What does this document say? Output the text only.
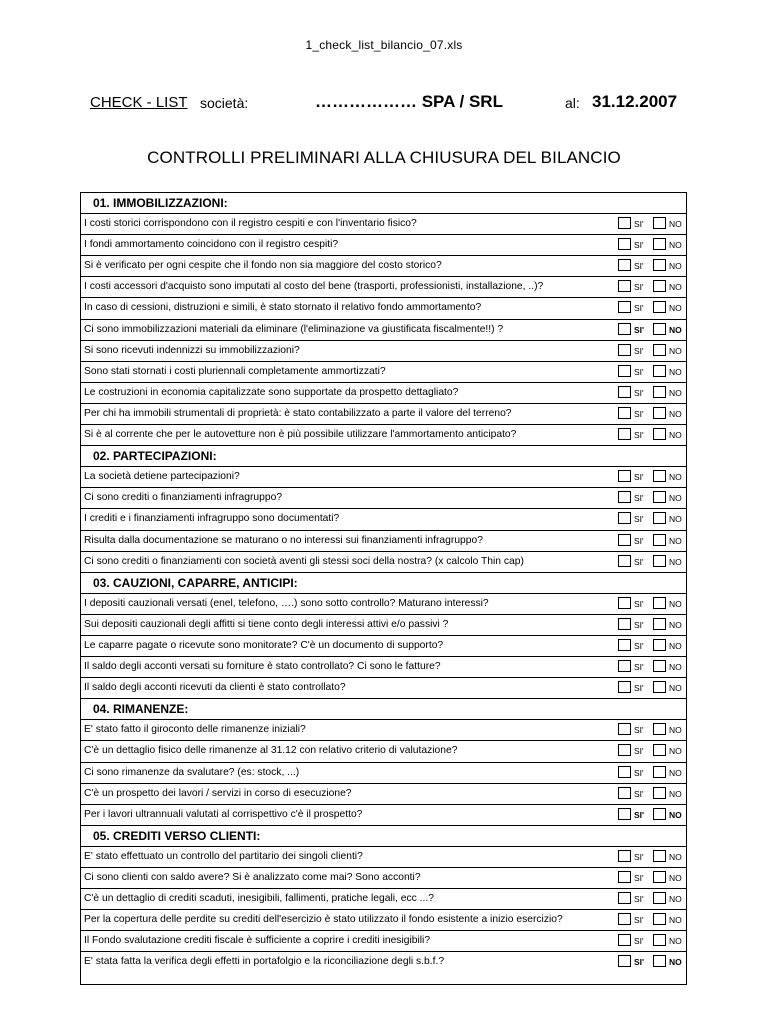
1_check_list_bilancio_07.xls
CHECK - LIST società:	……………… SPA / SRL	al: 31.12.2007
CONTROLLI PRELIMINARI ALLA CHIUSURA DEL BILANCIO
01. IMMOBILIZZAZIONI:
I costi storici corrispondono con il registro cespiti e con l'inventario fisico?	SI'	NO
I fondi ammortamento coincidono con il registro cespiti?	SI'	NO
Si è verificato per ogni cespite che il fondo non sia maggiore del costo storico?	SI'	NO
I costi accessori d'acquisto sono imputati al costo del bene (trasporti, professionisti, installazione, ..)?	SI'	NO
In caso di cessioni, distruzioni e simili, è stato stornato il relativo fondo ammortamento?	SI'	NO
Ci sono immobilizzazioni materiali da eliminare (l'eliminazione va giustificata fiscalmente!!) ?	SI'	NO
Si sono ricevuti indennizzi su immobilizzazioni?	SI'	NO
Sono stati stornati i costi pluriennali completamente ammortizzati?	SI'	NO
Le costruzioni in economia capitalizzate sono supportate da prospetto dettagliato?	SI'	NO
Per chi ha immobili strumentali di proprietà: è stato contabilizzato a parte il valore del terreno?	SI'	NO
Si è al corrente che per le autovetture non è più possibile utilizzare l'ammortamento anticipato?	SI'	NO
02. PARTECIPAZIONI:
La società detiene partecipazioni?	SI'	NO
Ci sono crediti o finanziamenti infragruppo?	SI'	NO
I crediti e i finanziamenti infragruppo sono documentati?	SI'	NO
Risulta dalla documentazione se maturano o no interessi sui finanziamenti infragruppo?	SI'	NO
Ci sono crediti o finanziamenti con società aventi gli stessi soci della nostra? (x calcolo Thin cap)	SI'	NO
03. CAUZIONI, CAPARRE, ANTICIPI:
I depositi cauzionali versati (enel, telefono, ….) sono sotto controllo? Maturano interessi?	SI'	NO
Sui depositi cauzionali degli affitti si tiene conto degli interessi attivi e/o passivi ?	SI'	NO
Le caparre pagate o ricevute sono monitorate? C'è un documento di supporto?	SI'	NO
Il saldo degli acconti versati su forniture è stato controllato? Ci sono le fatture?	SI'	NO
Il saldo degli acconti ricevuti da clienti è stato controllato?	SI'	NO
04. RIMANENZE:
E' stato fatto il giroconto delle rimanenze iniziali?	SI'	NO
C'è un dettaglio fisico delle rimanenze al 31.12 con relativo criterio di valutazione?	SI'	NO
Ci sono rimanenze da svalutare? (es: stock, ...)	SI'	NO
C'è un prospetto dei lavori / servizi in corso di esecuzione?	SI'	NO
Per i lavori ultrannuali valutati al corrispettivo c'è il prospetto?	SI'	NO
05. CREDITI VERSO CLIENTI:
E' stato effettuato un controllo del partitario dei singoli clienti?	SI'	NO
Ci sono clienti con saldo avere? Si è analizzato come mai? Sono acconti?	SI'	NO
C'è un dettaglio di crediti scaduti, inesigibili, fallimenti, pratiche legali, ecc ...?	SI'	NO
Per la copertura delle perdite su crediti dell'esercizio è stato utilizzato il fondo esistente a inizio esercizio?	SI'	NO
Il Fondo svalutazione crediti fiscale è sufficiente a coprire i crediti inesigibili?	SI'	NO
E' stata fatta la verifica degli effetti in portafolgio e la riconciliazione degli s.b.f.?	SI'	NO
